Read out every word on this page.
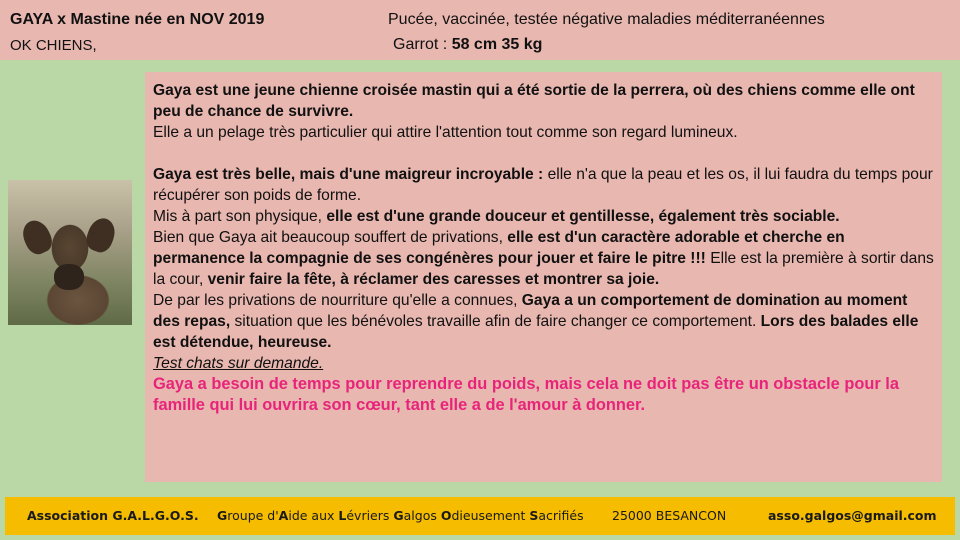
GAYA x Mastine née en NOV 2019
OK CHIENS,
Pucée, vaccinée, testée négative maladies méditerranéennes
Garrot : 58 cm 35 kg

Gaya est une jeune chienne croisée mastin qui a été sortie de la perrera, où des chiens comme elle ont peu de chance de survivre.

Elle a un pelage très particulier qui attire l'attention tout comme son regard lumineux.

Gaya est très belle, mais d'une maigreur incroyable : elle n'a que la peau et les os, il lui faudra du temps pour récupérer son poids de forme.

Mis à part son physique, elle est d'une grande douceur et gentillesse, également très sociable.

Bien que Gaya ait beaucoup souffert de privations, elle est d'un caractère adorable et cherche en permanence la compagnie de ses congénères pour jouer et faire le pitre !!! Elle est la première à sortir dans la cour, venir faire la fête, à réclamer des caresses et montrer sa joie.

De par les privations de nourriture qu'elle a connues, Gaya a un comportement de domination au moment des repas, situation que les bénévoles travaille afin de faire changer ce comportement. Lors des balades elle est détendue, heureuse.

Test chats sur demande.

Gaya a besoin de temps pour reprendre du poids, mais cela ne doit pas être un obstacle pour la famille qui lui ouvrira son cœur, tant elle a de l'amour à donner.

Association G.A.L.G.O.S. Groupe d'Aide aux Lévriers Galgos Odieusement Sacrifiés 25000 BESANCON	asso.galgos@gmail.com
